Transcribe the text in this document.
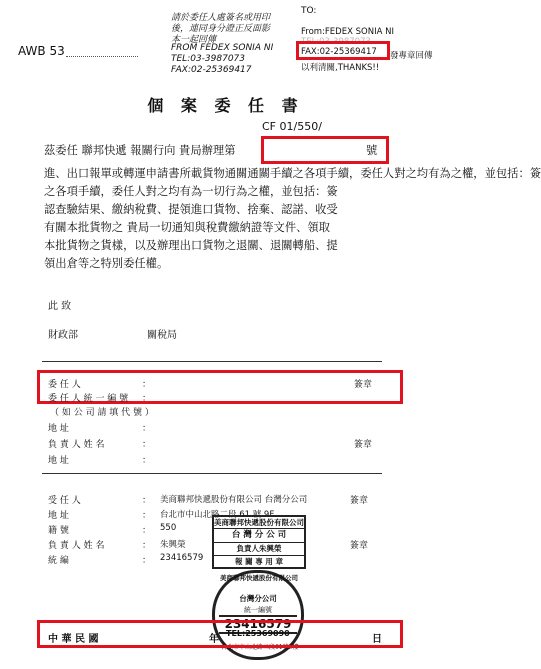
請於委任人處簽名或用印
後，連同身分證正反面影
本一起回傳
FROM FEDEX SONIA NI
TEL:03-3987073
FAX:02-25369417
AWB 53
TO:
From:FEDEX SONIA NI
TEL:03-3987073
FAX:02-25369417 發專章回傳
以利清關,THANKS!!
個 案 委 任 書
CF 01/550/
茲委任 聯邦快遞 報關行向 貴局辦理第	號
進、出口報單或轉運申請書所載貨物通關通關手續之各項手續，委任人對之均有為之權，並包括：簽
之各項手續，委任人對之均有為一切行為之權，並包括：簽
認查驗結果、繳納稅費、提領進口貨物、捨棄、認諾、收受
有關本批貨物之 貴局一切通知與稅費繳納證等文件、領取
本批貨物之貨樣，以及辦理出口貨物之退關、退關轉船、提
領出倉等之特別委任權。
此 致
財政部	關稅局
委 任 人	：	簽章
委 任 人 統 一 編 號 ：
（ 如 公 司 請 填 代 號 ）
地 址	：
負 責 人 姓 名	：	簽章
地 址	：
受 任 人	： 美商聯邦快遞股份有限公司 台灣分公司	簽章
地 址	： 台北市中山北路二段 61 號 9F
籍 號	： 550
負 責 人 姓 名	： 朱興榮	簽章
統 編	： 23416579
美商聯邦快遞股份有限公司
台 灣 分 公 司
負責人朱興榮
報 關 專 用 章
台灣分公司
統一編號
23416579
美商聯邦快遞股份有限公司
TEL:25369090
台北市中山北路二段61號9樓
中 華 民 國	年	日
